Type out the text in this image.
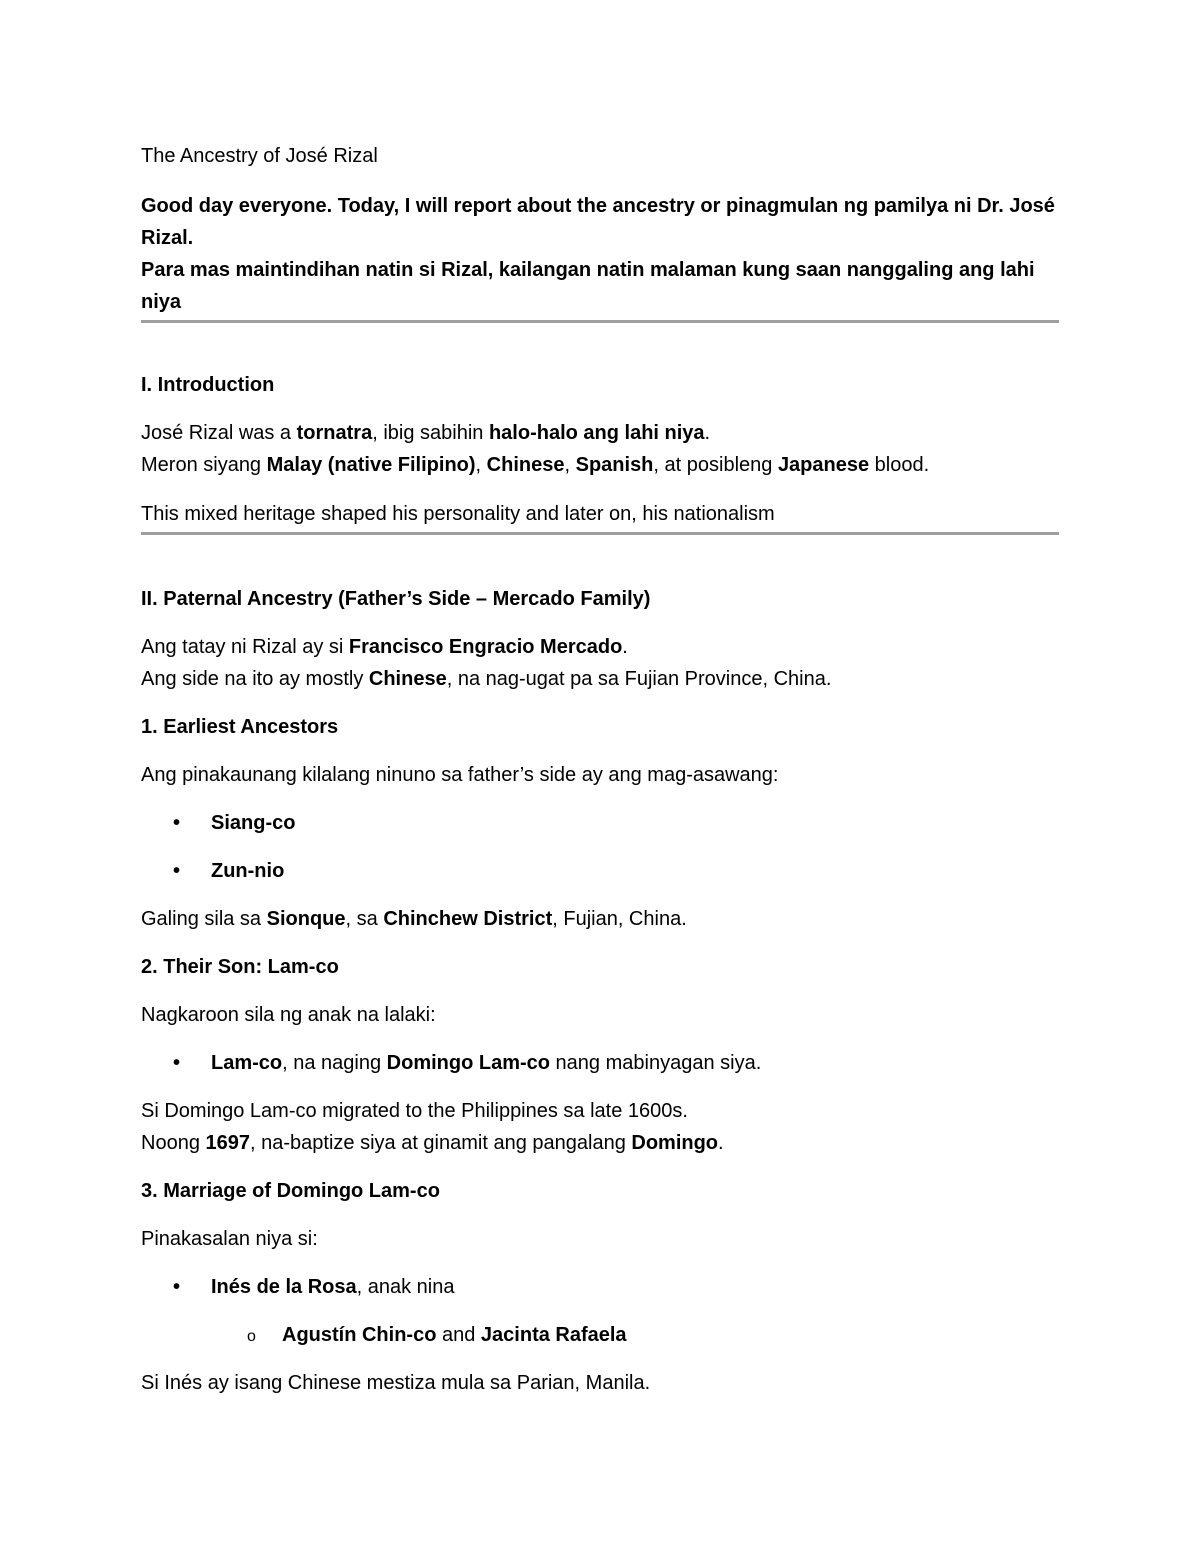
The Ancestry of José Rizal

Good day everyone. Today, I will report about the ancestry or pinagmulan ng pamilya ni Dr. José Rizal.

Para mas maintindihan natin si Rizal, kailangan natin malaman kung saan nanggaling ang lahi niya

I. Introduction

José Rizal was a tornatra, ibig sabihin halo-halo ang lahi niya.

Meron siyang Malay (native Filipino), Chinese, Spanish, at posibleng Japanese blood.

This mixed heritage shaped his personality and later on, his nationalism

II. Paternal Ancestry (Father’s Side – Mercado Family)

Ang tatay ni Rizal ay si Francisco Engracio Mercado.

Ang side na ito ay mostly Chinese, na nag-ugat pa sa Fujian Province, China.

1. Earliest Ancestors

Ang pinakaunang kilalang ninuno sa father’s side ay ang mag-asawang:

• Siang-co
• Zun-nio

Galing sila sa Sionque, sa Chinchew District, Fujian, China.

2. Their Son: Lam-co

Nagkaroon sila ng anak na lalaki:

• Lam-co, na naging Domingo Lam-co nang mabinyagan siya.

Si Domingo Lam-co migrated to the Philippines sa late 1600s.

Noong 1697, na-baptize siya at ginamit ang pangalang Domingo.

3. Marriage of Domingo Lam-co

Pinakasalan niya si:

• Inés de la Rosa, anak nina
o Agustín Chin-co and Jacinta Rafaela

Si Inés ay isang Chinese mestiza mula sa Parian, Manila.
